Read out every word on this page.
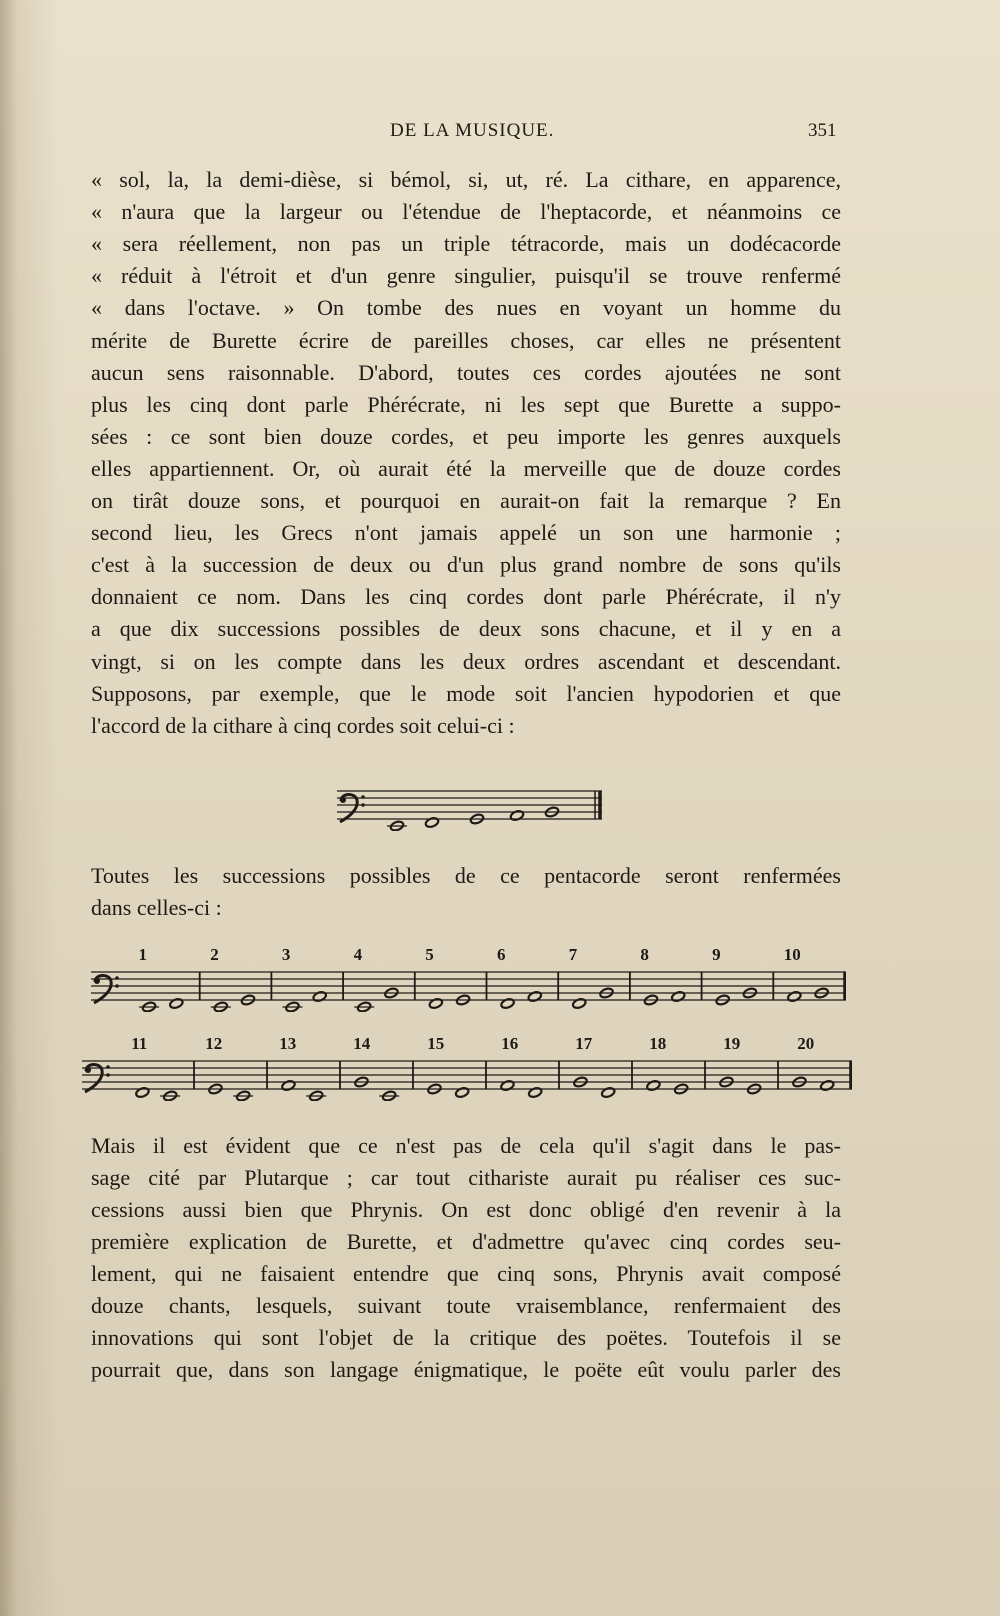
DE LA MUSIQUE.	351
« sol, la, la demi-dièse, si bémol, si, ut, ré. La cithare, en apparence,
« n'aura que la largeur ou l'étendue de l'heptacorde, et néanmoins ce
« sera réellement, non pas un triple tétracorde, mais un dodécacorde
« réduit à l'étroit et d'un genre singulier, puisqu'il se trouve renfermé
« dans l'octave. » On tombe des nues en voyant un homme du
mérite de Burette écrire de pareilles choses, car elles ne présentent
aucun sens raisonnable. D'abord, toutes ces cordes ajoutées ne sont
plus les cinq dont parle Phérécrate, ni les sept que Burette a suppo-
sées : ce sont bien douze cordes, et peu importe les genres auxquels
elles appartiennent. Or, où aurait été la merveille que de douze cordes
on tirât douze sons, et pourquoi en aurait-on fait la remarque ? En
second lieu, les Grecs n'ont jamais appelé un son une harmonie ;
c'est à la succession de deux ou d'un plus grand nombre de sons qu'ils
donnaient ce nom. Dans les cinq cordes dont parle Phérécrate, il n'y
a que dix successions possibles de deux sons chacune, et il y en a
vingt, si on les compte dans les deux ordres ascendant et descendant.
Supposons, par exemple, que le mode soit l'ancien hypodorien et que
l'accord de la cithare à cinq cordes soit celui-ci :
Toutes les successions possibles de ce pentacorde seront renfermées
dans celles-ci :
1	2	3	4	5	6	7	8	9	10
11	12	13	14	15	16	17	18	19	20
Mais il est évident que ce n'est pas de cela qu'il s'agit dans le pas-
sage cité par Plutarque ; car tout cithariste aurait pu réaliser ces suc-
cessions aussi bien que Phrynis. On est donc obligé d'en revenir à la
première explication de Burette, et d'admettre qu'avec cinq cordes seu-
lement, qui ne faisaient entendre que cinq sons, Phrynis avait composé
douze chants, lesquels, suivant toute vraisemblance, renfermaient des
innovations qui sont l'objet de la critique des poëtes. Toutefois il se
pourrait que, dans son langage énigmatique, le poëte eût voulu parler des
